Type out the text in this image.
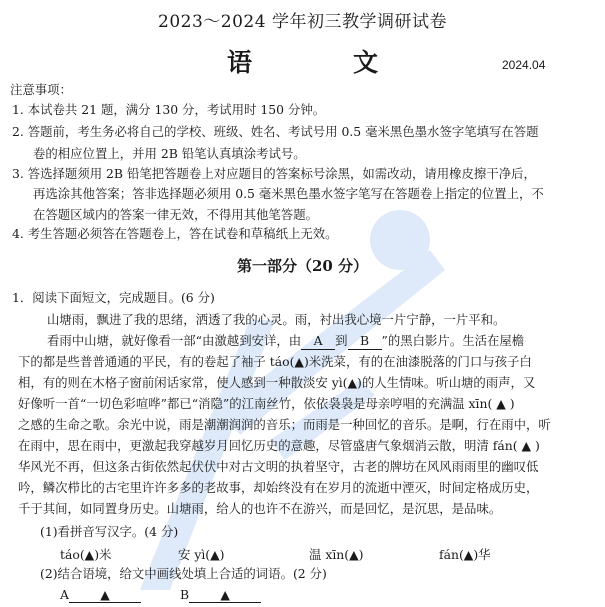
2023～2024 学年初三教学调研试卷
语　文	2024.04
注意事项：
1. 本试卷共 21 题，满分 130 分，考试用时 150 分钟。
2. 答题前，考生务必将自己的学校、班级、姓名、考试号用 0.5 毫米黑色墨水签字笔填写在答题
卷的相应位置上，并用 2B 铅笔认真填涂考试号。
3. 答选择题须用 2B 铅笔把答题卷上对应题目的答案标号涂黑，如需改动，请用橡皮擦干净后，
再选涂其他答案；答非选择题必须用 0.5 毫米黑色墨水签字笔写在答题卷上指定的位置上，不
在答题区域内的答案一律无效，不得用其他笔答题。
4. 考生答题必须答在答题卷上，答在试卷和草稿纸上无效。
第一部分（20 分）
1．阅读下面短文，完成题目。(6 分)
山塘雨，飘进了我的思绪，洒透了我的心灵。雨，衬出我心境一片宁静，一片平和。
看雨中山塘，就好像看一部“由激越到安详，由 A 到 B ”的黑白影片。生活在屋檐
下的都是些普普通通的平民，有的卷起了袖子 táo(▲)米洗菜，有的在油漆脱落的门口与孩子白
相，有的则在木格子窗前闲话家常，使人感到一种散淡安 yì(▲)的人生情味。听山塘的雨声，又
好像听一首“一切色彩喧哗”都已“消隐”的江南丝竹，依依袅袅是母亲哼唱的充满温 xīn( ▲ )
之感的生命之歌。余光中说，雨是潮潮润润的音乐；而雨是一种回忆的音乐。是啊，行在雨中，听
在雨中，思在雨中，更激起我穿越岁月回忆历史的意趣，尽管盛唐气象烟消云散，明清 fán( ▲ )
华风光不再，但这条古街依然起伏伏中对古文明的执着坚守，古老的牌坊在风风雨雨里的幽叹低
吟，鳞次栉比的古宅里许许多多的老故事，却始终没有在岁月的流逝中湮灭，时间定格成历史，
千于其间，如同置身历史。山塘雨，给人的也许不在游兴，而是回忆，是沉思，是品味。
(1)看拼音写汉字。(4 分)
táo(▲)米	安 yì(▲)	温 xīn(▲)	fán(▲)华
(2)结合语境，给文中画线处填上合适的词语。(2 分)
A	▲	B	▲
